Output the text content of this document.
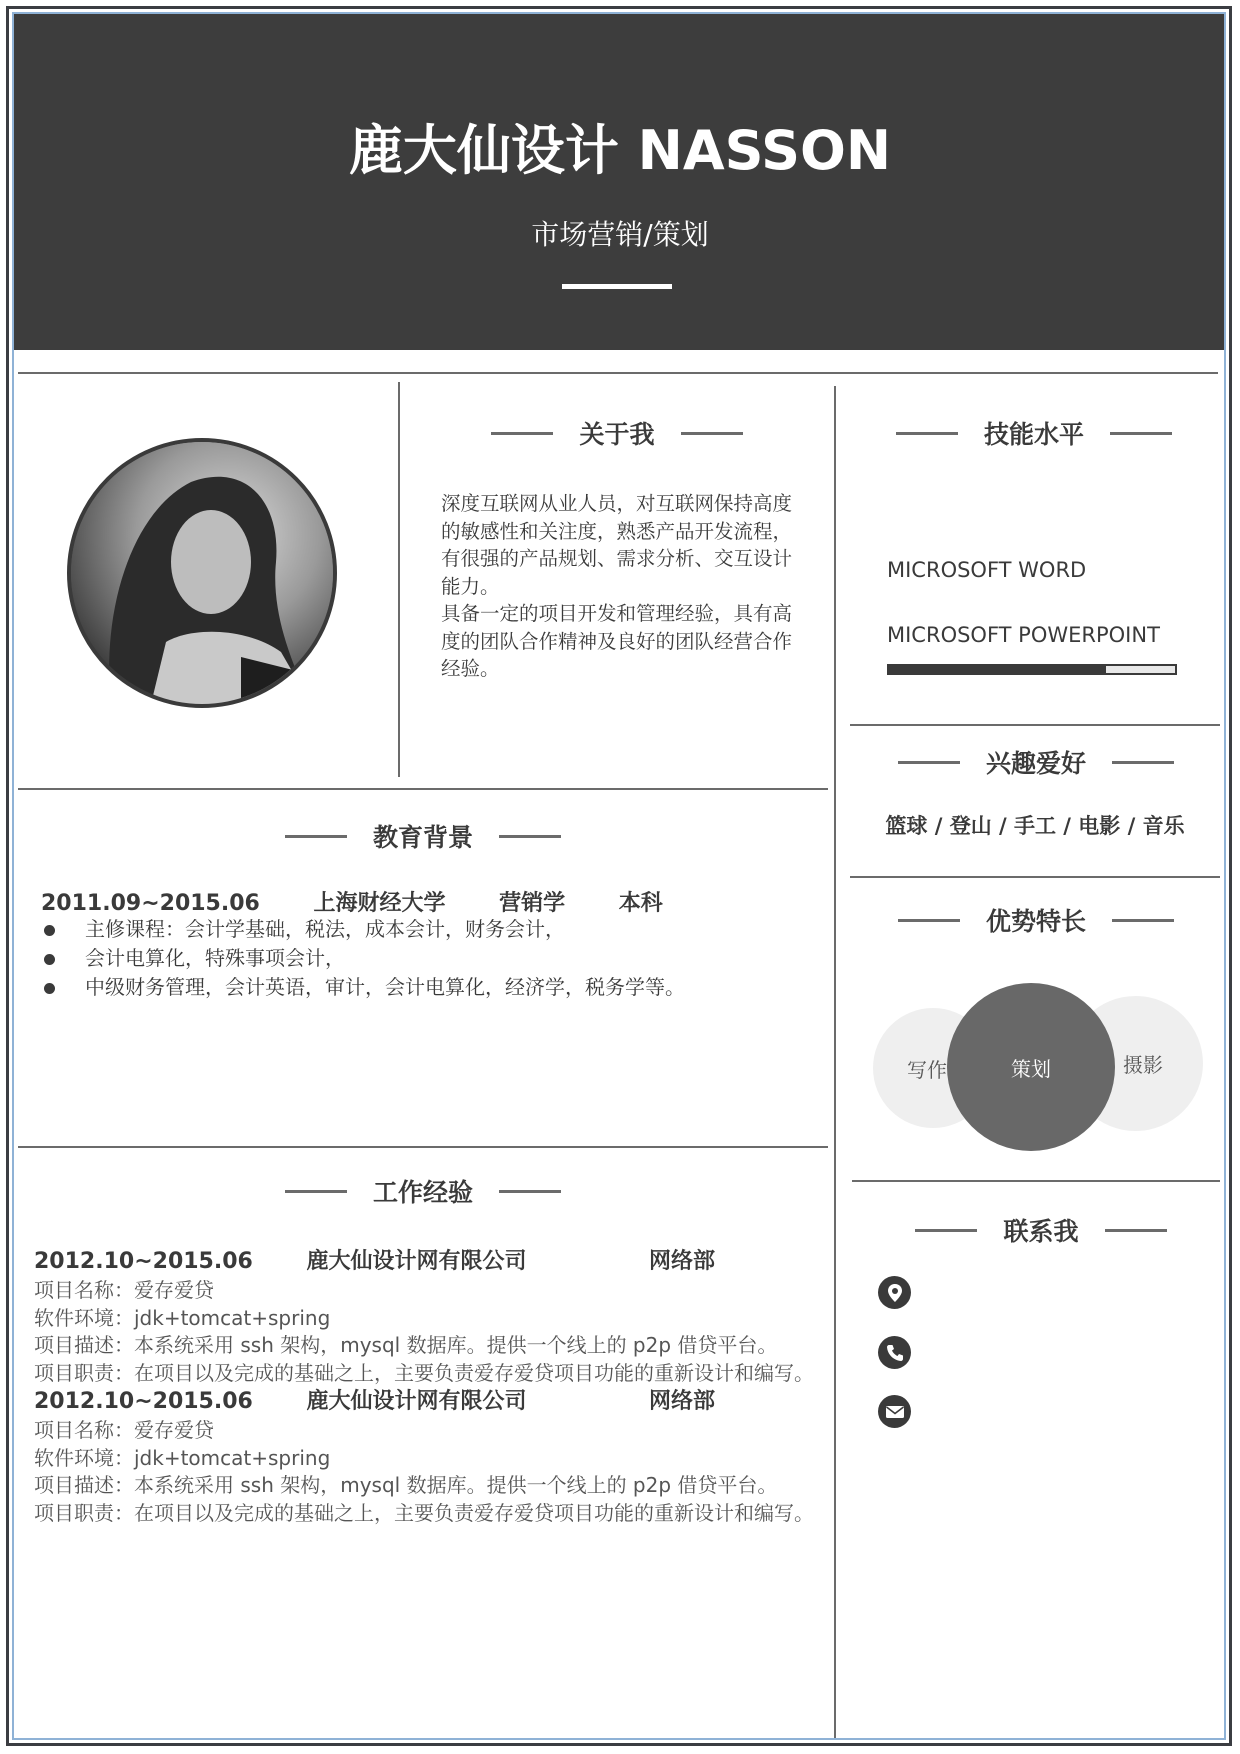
鹿大仙设计 NASSON
市场营销/策划
关于我

深度互联网从业人员，对互联网保持高度的敏感性和关注度，熟悉产品开发流程，有很强的产品规划、需求分析、交互设计能力。

具备一定的项目开发和管理经验，具有高度的团队合作精神及良好的团队经营合作经验。

技能水平
MICROSOFT WORD
MICROSOFT POWERPOINT
兴趣爱好
篮球 / 登山 / 手工 / 电影 / 音乐
优势特长
写作	摄影
策划
联系我
教育背景
2011.09~2015.06 上海财经大学 营销学 本科
主修课程：会计学基础，税法，成本会计，财务会计，
会计电算化，特殊事项会计，
中级财务管理，会计英语，审计，会计电算化，经济学，税务学等。
工作经验
2012.10~2015.06 鹿大仙设计网有限公司	网络部
项目名称：爱存爱贷
软件环境：jdk+tomcat+spring
项目描述：本系统采用 ssh 架构，mysql 数据库。提供一个线上的 p2p 借贷平台。
项目职责：在项目以及完成的基础之上，主要负责爱存爱贷项目功能的重新设计和编写。
2012.10~2015.06 鹿大仙设计网有限公司	网络部
项目名称：爱存爱贷
软件环境：jdk+tomcat+spring
项目描述：本系统采用 ssh 架构，mysql 数据库。提供一个线上的 p2p 借贷平台。
项目职责：在项目以及完成的基础之上，主要负责爱存爱贷项目功能的重新设计和编写。
